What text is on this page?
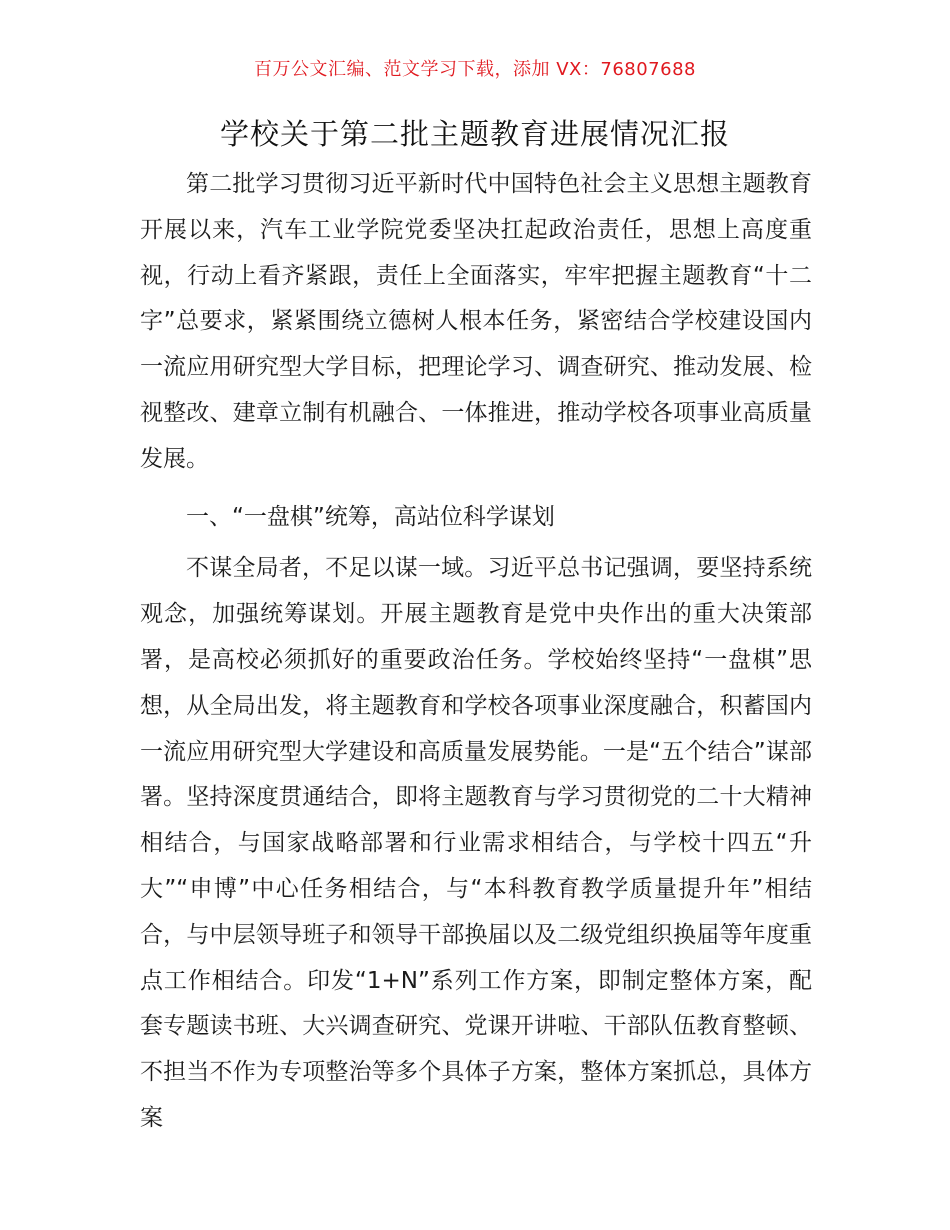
百万公文汇编、范文学习下载，添加 VX：76807688
学校关于第二批主题教育进展情况汇报

第二批学习贯彻习近平新时代中国特色社会主义思想主题教育开展以来，汽车工业学院党委坚决扛起政治责任，思想上高度重视，行动上看齐紧跟，责任上全面落实，牢牢把握主题教育“十二字”总要求，紧紧围绕立德树人根本任务，紧密结合学校建设国内一流应用研究型大学目标，把理论学习、调查研究、推动发展、检视整改、建章立制有机融合、一体推进，推动学校各项事业高质量发展。

一、“一盘棋”统筹，高站位科学谋划

不谋全局者，不足以谋一域。习近平总书记强调，要坚持系统观念，加强统筹谋划。开展主题教育是党中央作出的重大决策部署，是高校必须抓好的重要政治任务。学校始终坚持“一盘棋”思想，从全局出发，将主题教育和学校各项事业深度融合，积蓄国内一流应用研究型大学建设和高质量发展势能。一是“五个结合”谋部署。坚持深度贯通结合，即将主题教育与学习贯彻党的二十大精神相结合，与国家战略部署和行业需求相结合，与学校十四五“升大”“申博”中心任务相结合，与“本科教育教学质量提升年”相结合，与中层领导班子和领导干部换届以及二级党组织换届等年度重点工作相结合。印发“1+N”系列工作方案，即制定整体方案，配套专题读书班、大兴调查研究、党课开讲啦、干部队伍教育整顿、不担当不作为专项整治等多个具体子方案，整体方案抓总，具体方案
